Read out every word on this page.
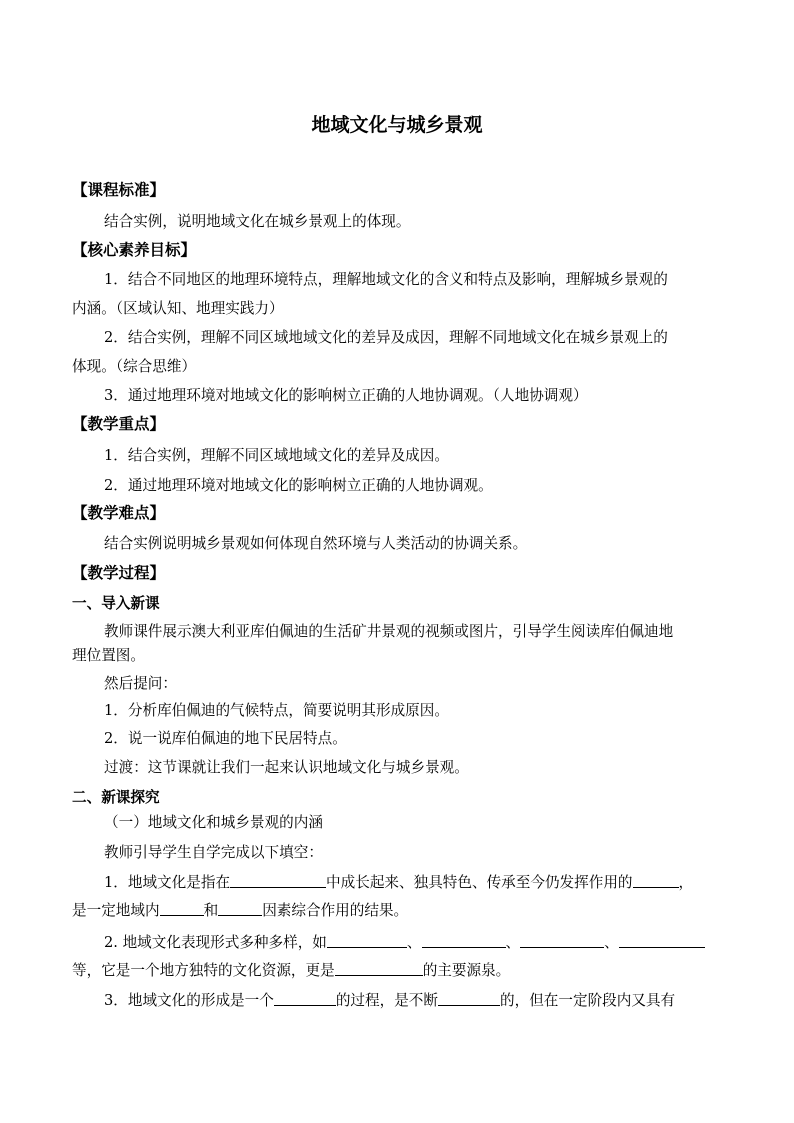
地域文化与城乡景观
【课程标准】
结合实例，说明地域文化在城乡景观上的体现。
【核心素养目标】
1．结合不同地区的地理环境特点，理解地域文化的含义和特点及影响，理解城乡景观的
内涵。（区域认知、地理实践力）
2．结合实例，理解不同区域地域文化的差异及成因，理解不同地域文化在城乡景观上的
体现。（综合思维）
3．通过地理环境对地域文化的影响树立正确的人地协调观。（人地协调观）
【教学重点】
1．结合实例，理解不同区域地域文化的差异及成因。
2．通过地理环境对地域文化的影响树立正确的人地协调观。
【教学难点】
结合实例说明城乡景观如何体现自然环境与人类活动的协调关系。
【教学过程】
一、导入新课
教师课件展示澳大利亚库伯佩迪的生活矿井景观的视频或图片，引导学生阅读库伯佩迪地
理位置图。
然后提问：
1．分析库伯佩迪的气候特点，简要说明其形成原因。
2．说一说库伯佩迪的地下民居特点。
过渡：这节课就让我们一起来认识地域文化与城乡景观。
二、新课探究
（一）地域文化和城乡景观的内涵
教师引导学生自学完成以下填空：
1．地域文化是指在	中成长起来、独具特色、传承至今仍发挥作用的	，
是一定地域内	和	因素综合作用的结果。
2. 地域文化表现形式多种多样，如	、	、	、
等，它是一个地方独特的文化资源，更是	的主要源泉。
3．地域文化的形成是一个	的过程，是不断	的，但在一定阶段内又具有
